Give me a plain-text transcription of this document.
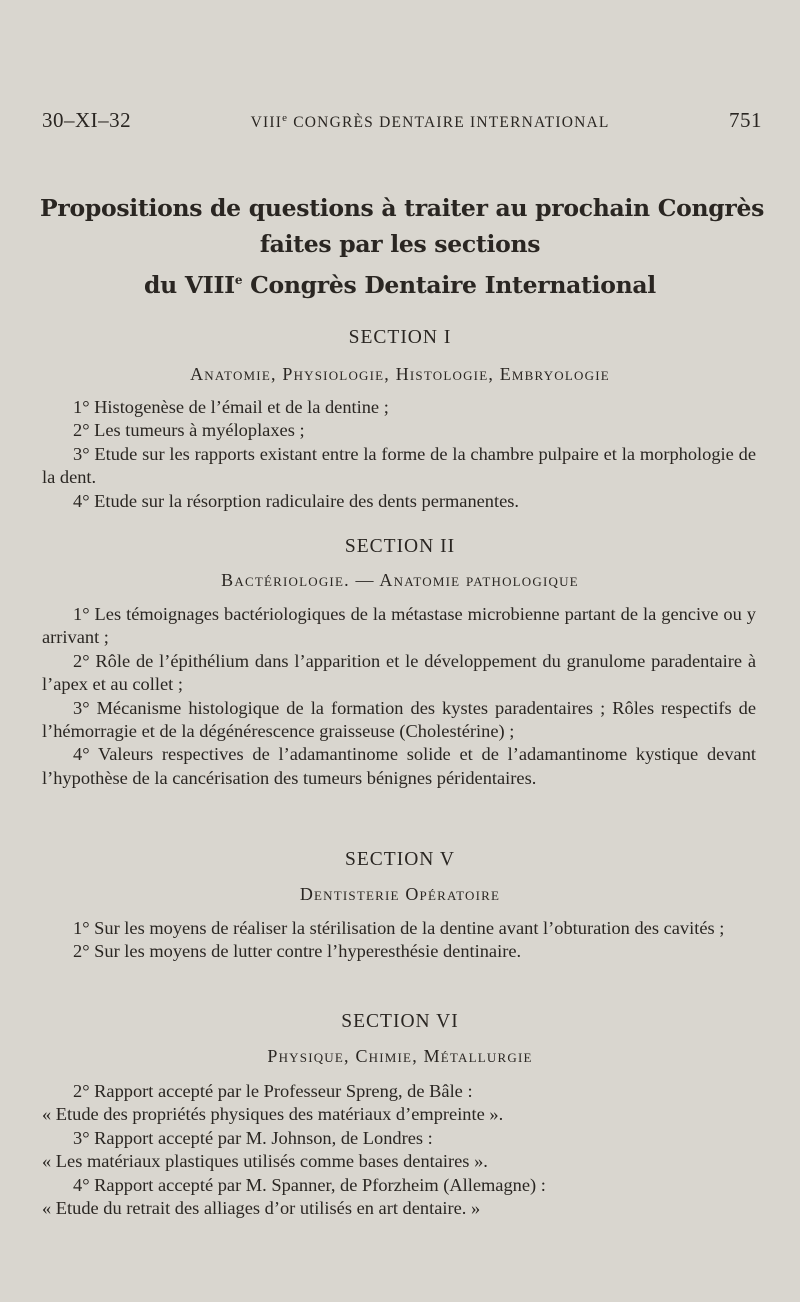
30–XI–32	VIIIe CONGRÈS DENTAIRE INTERNATIONAL	751
Propositions de questions à traiter au prochain Congrès
faites par les sections
du VIIIe Congrès Dentaire International
SECTION I
Anatomie, Physiologie, Histologie, Embryologie

1° Histogenèse de l’émail et de la dentine ;

2° Les tumeurs à myéloplaxes ;

3° Etude sur les rapports existant entre la forme de la chambre pulpaire et la morphologie de la dent.

4° Etude sur la résorption radiculaire des dents permanentes.

SECTION II
Bactériologie. — Anatomie pathologique

1° Les témoignages bactériologiques de la métastase microbienne partant de la gencive ou y arrivant ;

2° Rôle de l’épithélium dans l’apparition et le développement du granulome paradentaire à l’apex et au collet ;

3° Mécanisme histologique de la formation des kystes paradentaires ; Rôles respectifs de l’hémorragie et de la dégénérescence graisseuse (Cholestérine) ;

4° Valeurs respectives de l’adamantinome solide et de l’adamantinome kystique devant l’hypothèse de la cancérisation des tumeurs bénignes péridentaires.

SECTION V
Dentisterie Opératoire

1° Sur les moyens de réaliser la stérilisation de la dentine avant l’obturation des cavités ;

2° Sur les moyens de lutter contre l’hyperesthésie dentinaire.

SECTION VI
Physique, Chimie, Métallurgie

2° Rapport accepté par le Professeur Spreng, de Bâle :

« Etude des propriétés physiques des matériaux d’empreinte ».

3° Rapport accepté par M. Johnson, de Londres :

« Les matériaux plastiques utilisés comme bases dentaires ».

4° Rapport accepté par M. Spanner, de Pforzheim (Allemagne) :

« Etude du retrait des alliages d’or utilisés en art dentaire. »
